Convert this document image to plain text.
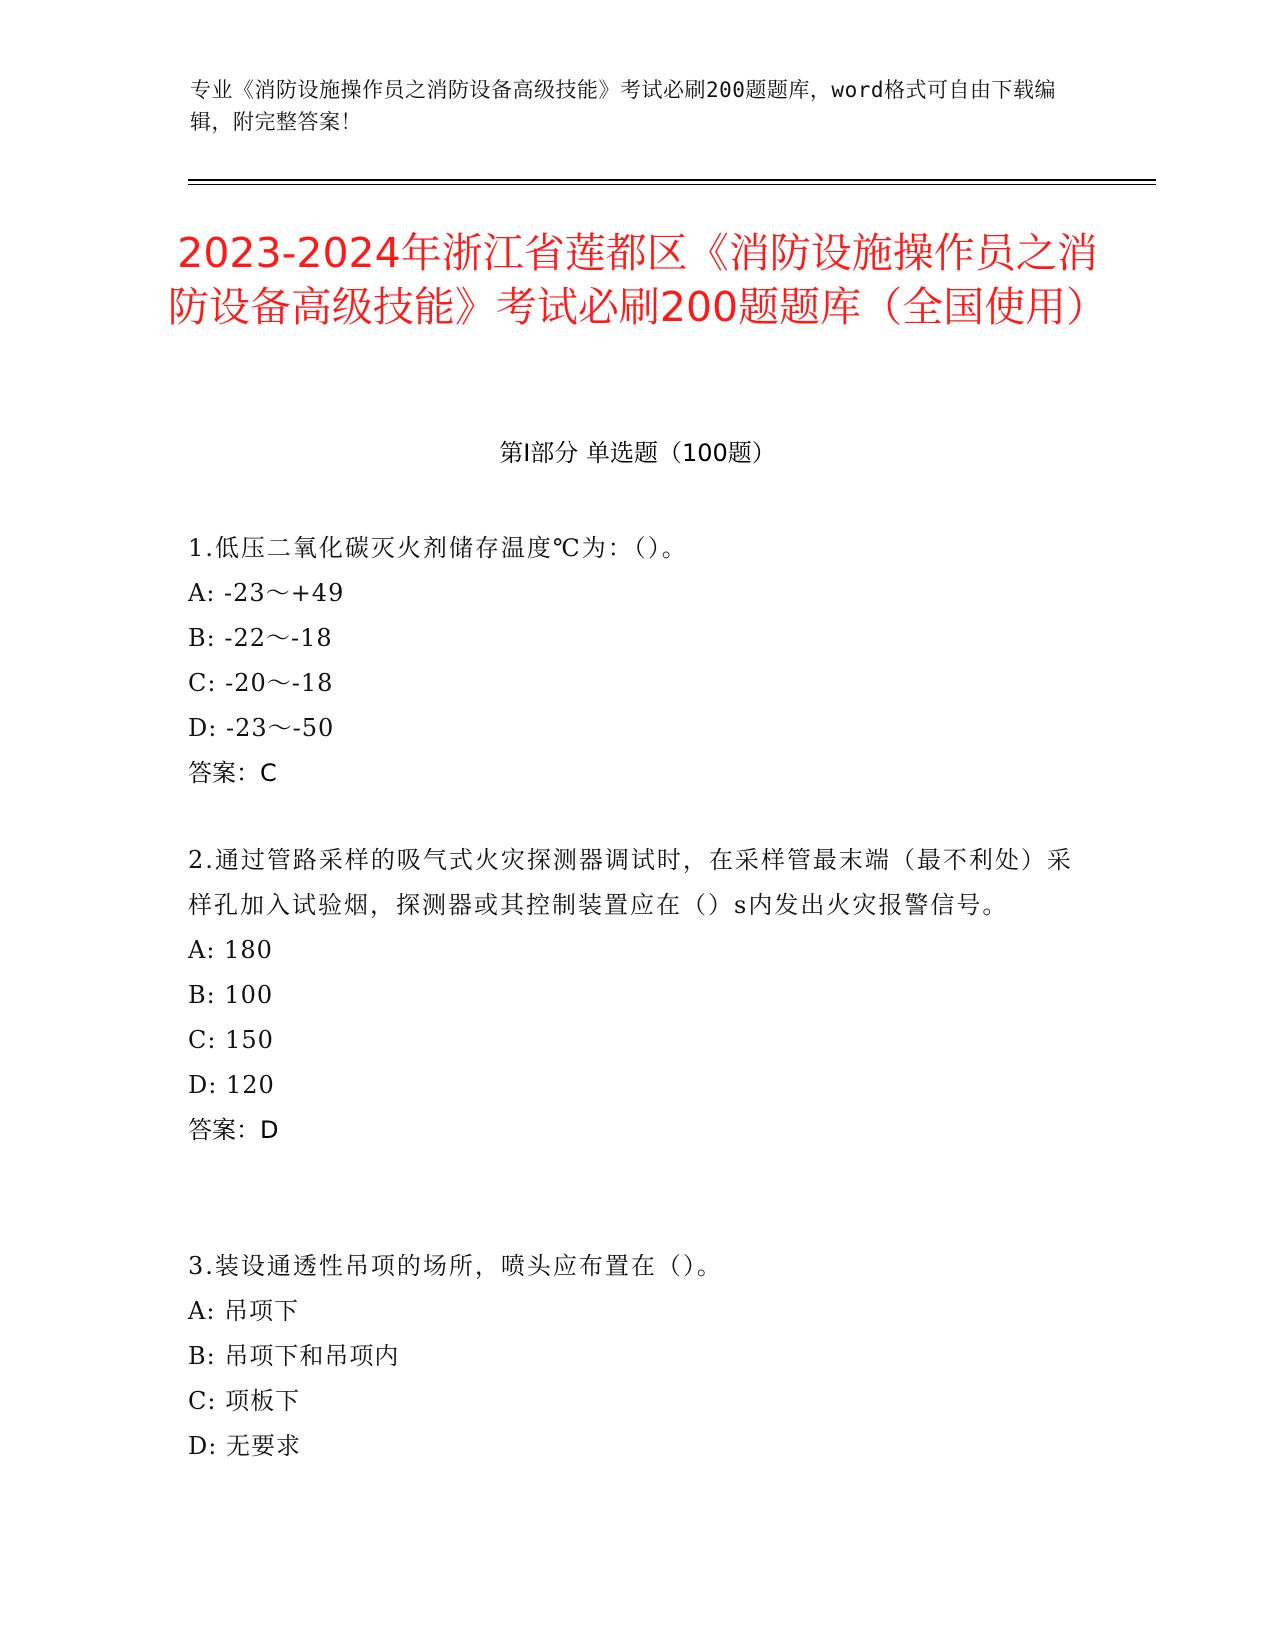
专业《消防设施操作员之消防设备高级技能》考试必刷200题题库，word格式可自由下载编辑，附完整答案！
2023-2024年浙江省莲都区《消防设施操作员之消防设备高级技能》考试必刷200题题库（全国使用）
第I部分 单选题（100题）

1.低压二氧化碳灭火剂储存温度℃为：（）。

A: -23～+49

B: -22～-18

C: -20～-18

D: -23～-50

答案：C

2.通过管路采样的吸气式火灾探测器调试时，在采样管最末端（最不利处）采样孔加入试验烟，探测器或其控制装置应在（）s内发出火灾报警信号。

A: 180

B: 100

C: 150

D: 120

答案：D

3.装设通透性吊项的场所，喷头应布置在（）。

A: 吊项下

B: 吊项下和吊项内

C: 项板下

D: 无要求
